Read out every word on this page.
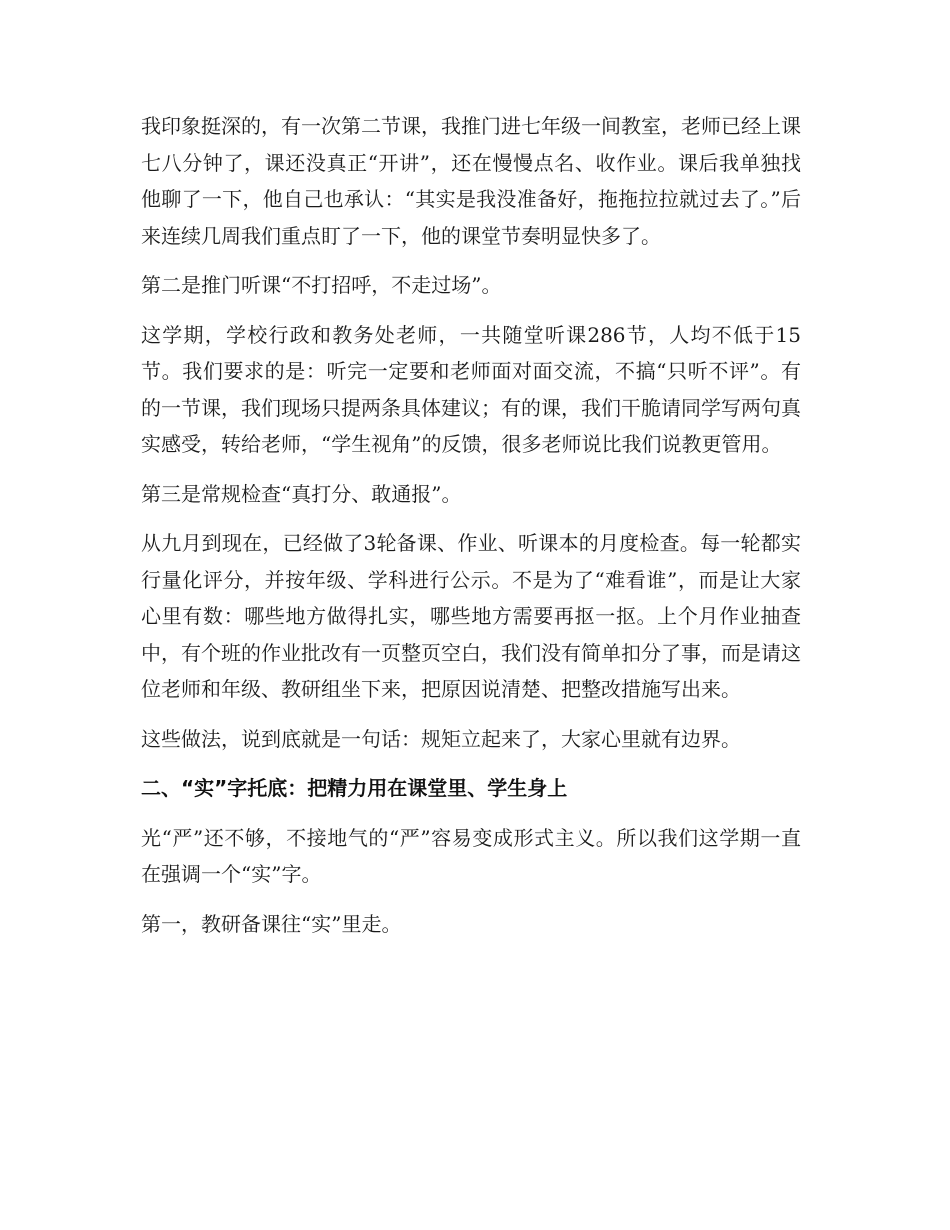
我印象挺深的，有一次第二节课，我推门进七年级一间教室，老师已经上课七八分钟了，课还没真正“开讲”，还在慢慢点名、收作业。课后我单独找他聊了一下，他自己也承认：“其实是我没准备好，拖拖拉拉就过去了。”后来连续几周我们重点盯了一下，他的课堂节奏明显快多了。

第二是推门听课“不打招呼，不走过场”。

这学期，学校行政和教务处老师，一共随堂听课286节，人均不低于15节。我们要求的是：听完一定要和老师面对面交流，不搞“只听不评”。有的一节课，我们现场只提两条具体建议；有的课，我们干脆请同学写两句真实感受，转给老师，“学生视角”的反馈，很多老师说比我们说教更管用。

第三是常规检查“真打分、敢通报”。

从九月到现在，已经做了3轮备课、作业、听课本的月度检查。每一轮都实行量化评分，并按年级、学科进行公示。不是为了“难看谁”，而是让大家心里有数：哪些地方做得扎实，哪些地方需要再抠一抠。上个月作业抽查中，有个班的作业批改有一页整页空白，我们没有简单扣分了事，而是请这位老师和年级、教研组坐下来，把原因说清楚、把整改措施写出来。

这些做法，说到底就是一句话：规矩立起来了，大家心里就有边界。

二、“实”字托底：把精力用在课堂里、学生身上

光“严”还不够，不接地气的“严”容易变成形式主义。所以我们这学期一直在强调一个“实”字。

第一，教研备课往“实”里走。
